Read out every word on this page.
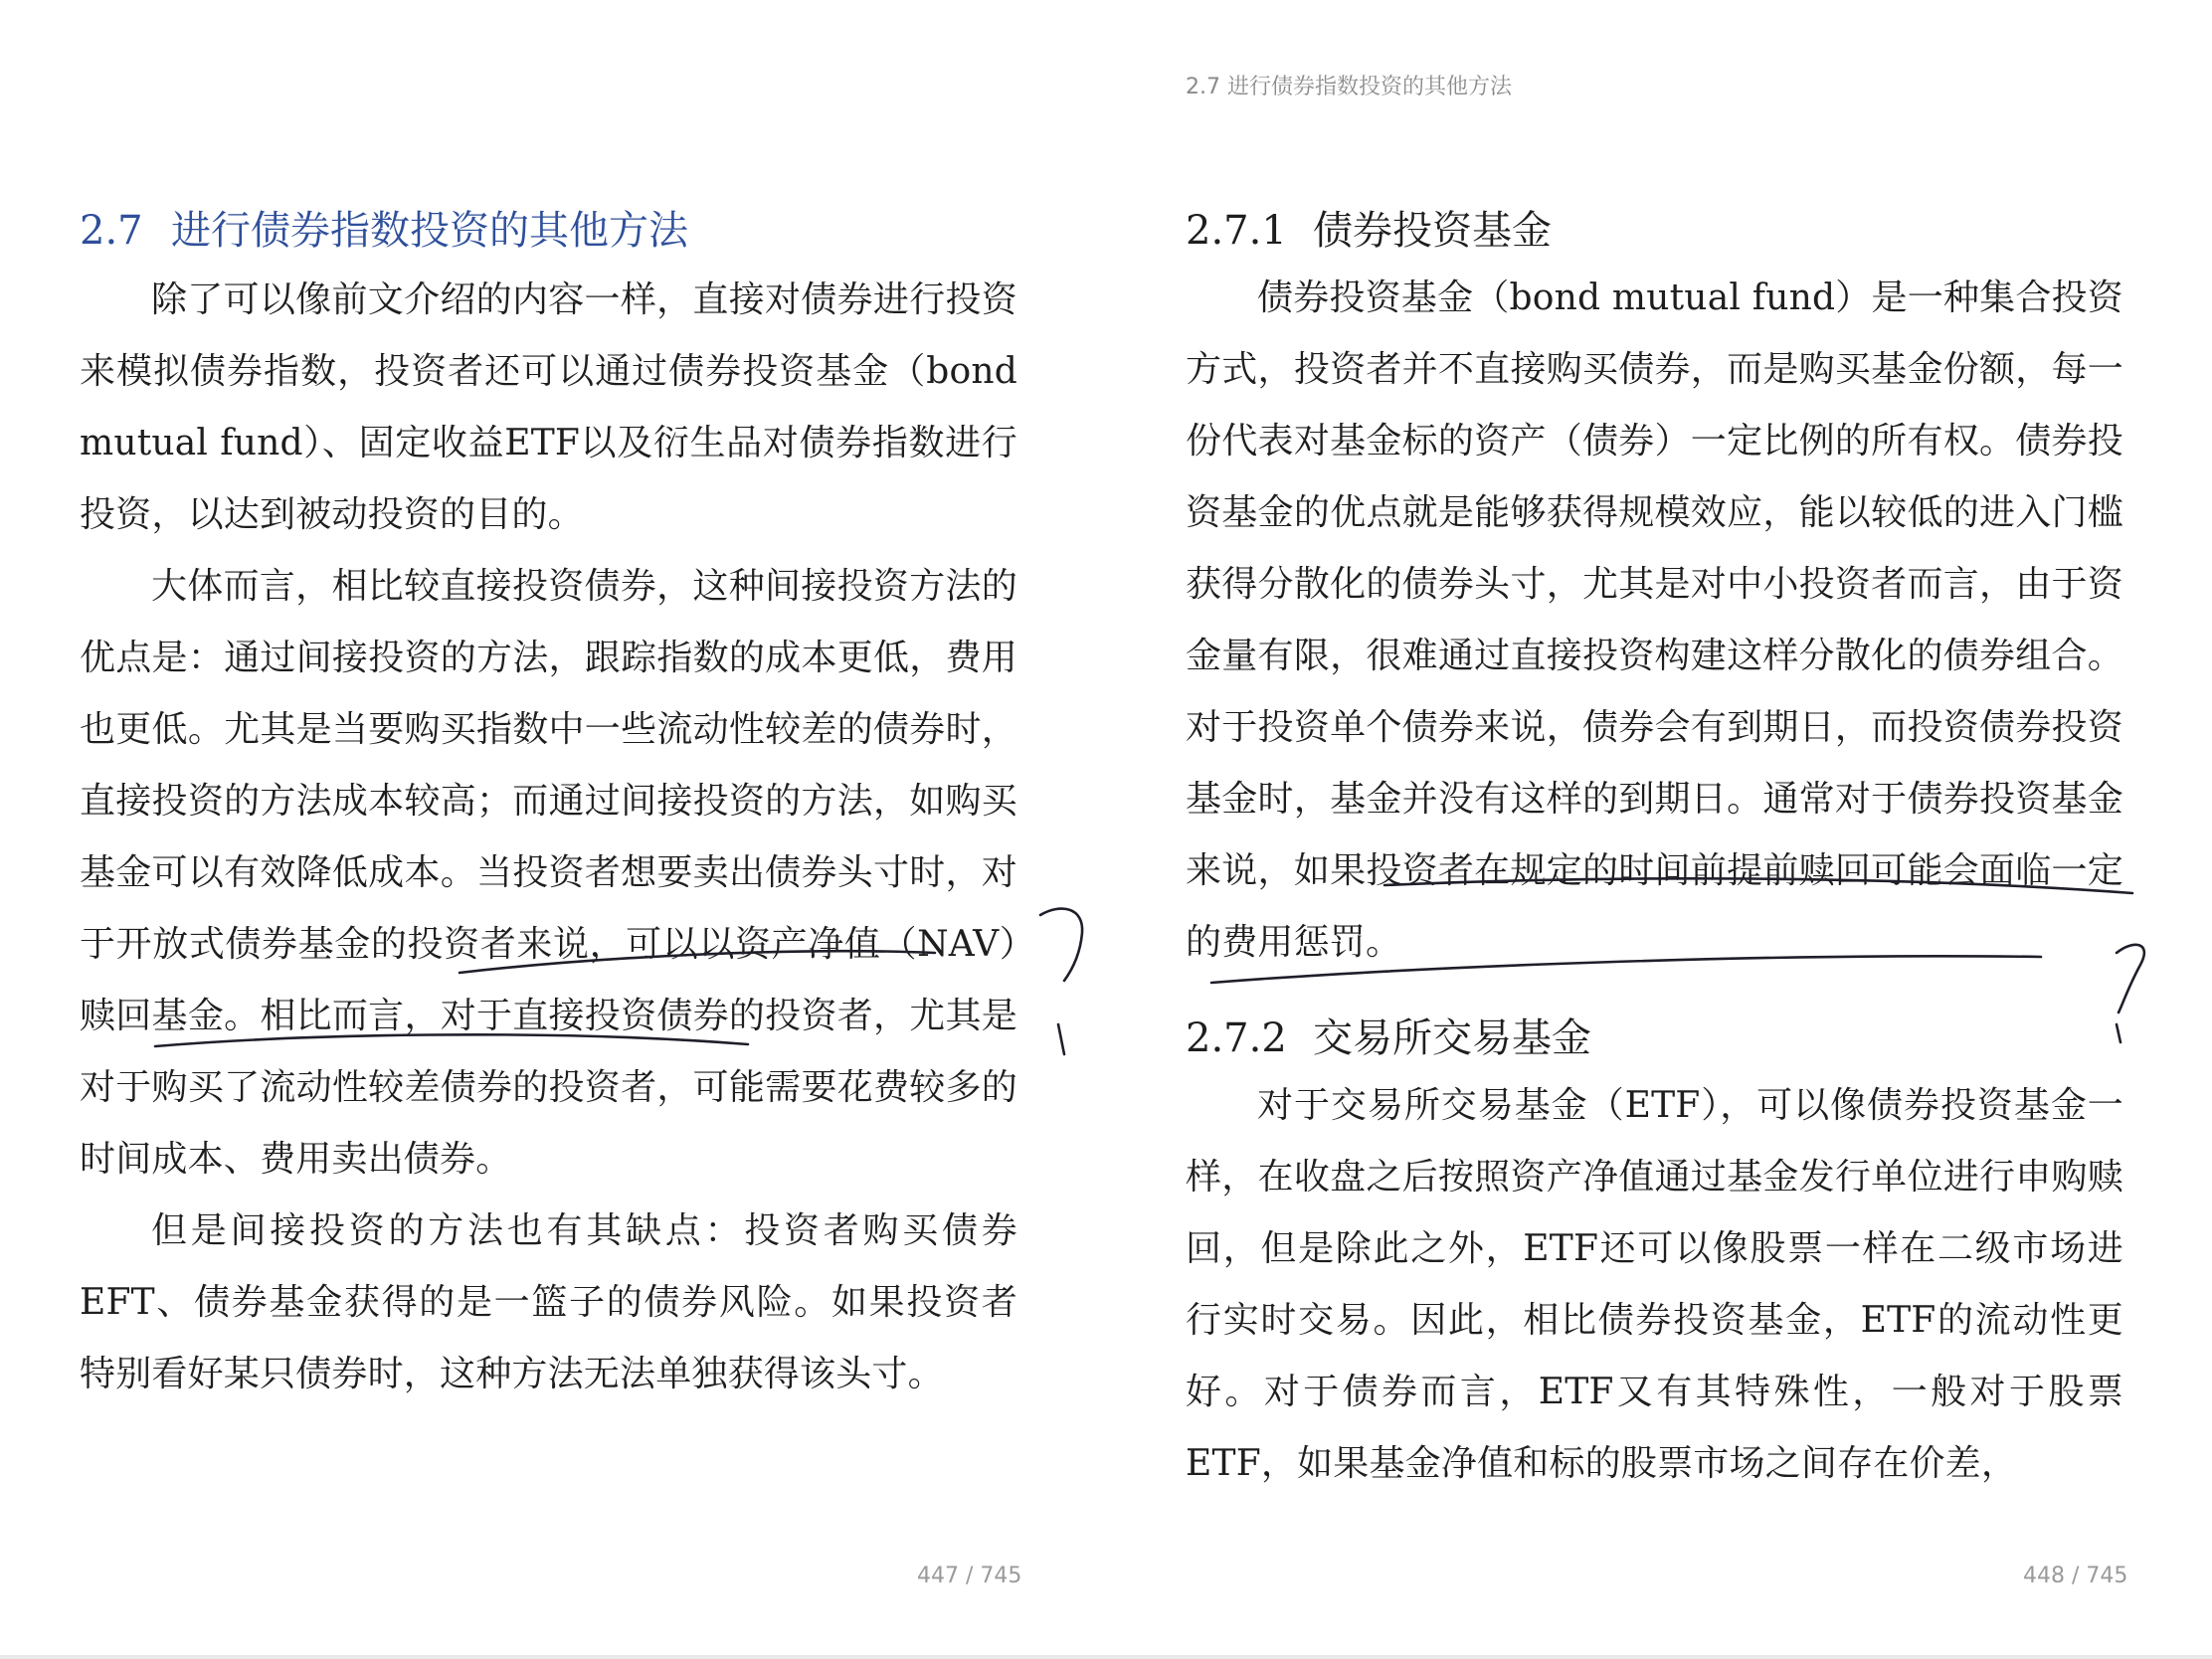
2.7 进行债券指数投资的其他方法

除了可以像前文介绍的内容一样，直接对债券进行投资来模拟债券指数，投资者还可以通过债券投资基金（bond mutual fund）、固定收益ETF以及衍生品对债券指数进行投资，以达到被动投资的目的。

大体而言，相比较直接投资债券，这种间接投资方法的优点是：通过间接投资的方法，跟踪指数的成本更低，费用也更低。尤其是当要购买指数中一些流动性较差的债券时，直接投资的方法成本较高；而通过间接投资的方法，如购买基金可以有效降低成本。当投资者想要卖出债券头寸时，对于开放式债券基金的投资者来说，可以以资产净值（NAV）赎回基金。相比而言，对于直接投资债券的投资者，尤其是对于购买了流动性较差债券的投资者，可能需要花费较多的时间成本、费用卖出债券。

但是间接投资的方法也有其缺点：投资者购买债券EFT、债券基金获得的是一篮子的债券风险。如果投资者特别看好某只债券时，这种方法无法单独获得该头寸。

447 / 745
2.7 进行债券指数投资的其他方法
2.7.1 债券投资基金

债券投资基金（bond mutual fund）是一种集合投资方式，投资者并不直接购买债券，而是购买基金份额，每一份代表对基金标的资产（债券）一定比例的所有权。债券投资基金的优点就是能够获得规模效应，能以较低的进入门槛获得分散化的债券头寸，尤其是对中小投资者而言，由于资金量有限，很难通过直接投资构建这样分散化的债券组合。对于投资单个债券来说，债券会有到期日，而投资债券投资基金时，基金并没有这样的到期日。通常对于债券投资基金来说，如果投资者在规定的时间前提前赎回可能会面临一定的费用惩罚。

2.7.2 交易所交易基金

对于交易所交易基金（ETF），可以像债券投资基金一样，在收盘之后按照资产净值通过基金发行单位进行申购赎回，但是除此之外，ETF还可以像股票一样在二级市场进行实时交易。因此，相比债券投资基金，ETF的流动性更好。对于债券而言，ETF又有其特殊性，一般对于股票ETF，如果基金净值和标的股票市场之间存在价差，

448 / 745
